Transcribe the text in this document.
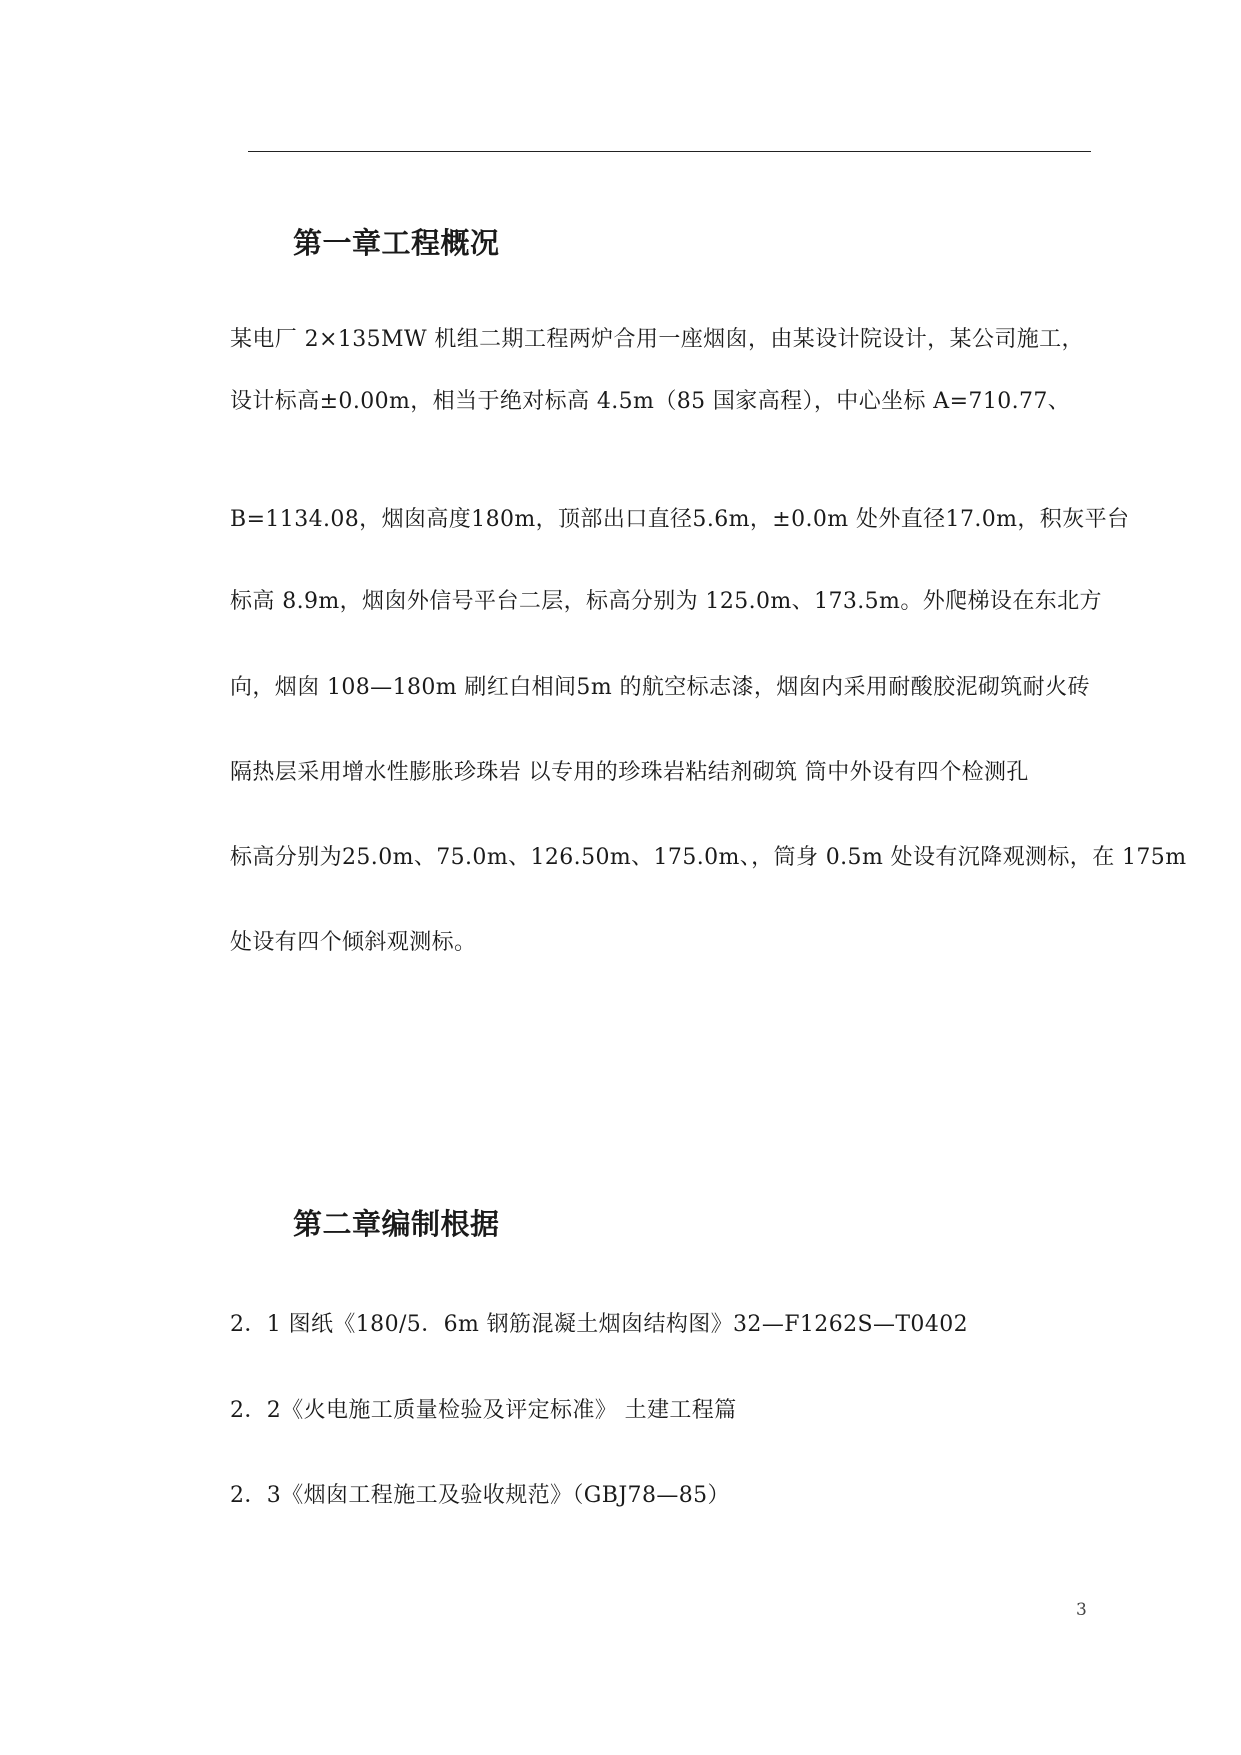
第一章工程概况

某电厂 2×135MW 机组二期工程两炉合用一座烟囱，由某设计院设计，某公司施工，

设计标高±0.00m，相当于绝对标高 4.5m（85 国家高程），中心坐标 A=710.77、

B=1134.08，烟囱高度180m，顶部出口直径5.6m，±0.0m 处外直径17.0m，积灰平台

标高 8.9m，烟囱外信号平台二层，标高分别为 125.0m、173.5m。外爬梯设在东北方

向，烟囱 108—180m 刷红白相间5m 的航空标志漆，烟囱内采用耐酸胶泥砌筑耐火砖

隔热层采用增水性膨胀珍珠岩 以专用的珍珠岩粘结剂砌筑 筒中外设有四个检测孔

标高分别为25.0m、75.0m、126.50m、175.0m、，筒身 0.5m 处设有沉降观测标，在 175m

处设有四个倾斜观测标。

第二章编制根据

2．1 图纸《180/5．6m 钢筋混凝土烟囱结构图》32—F1262S—T0402

2．2《火电施工质量检验及评定标准》 土建工程篇

2．3《烟囱工程施工及验收规范》（GBJ78—85）

3
